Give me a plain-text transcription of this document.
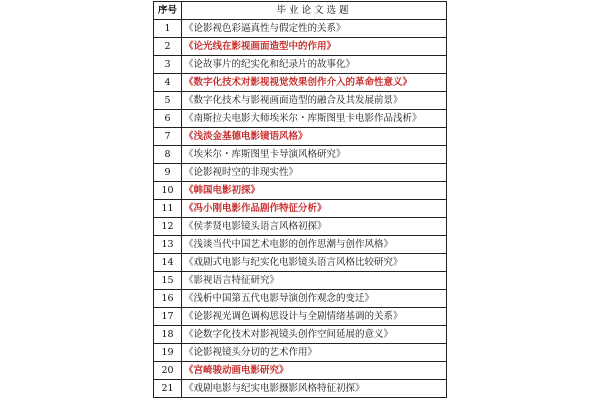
序号	毕业论文选题
1	《论影视色彩逼真性与假定性的关系》
2	《论光线在影视画面造型中的作用》
3	《论故事片的纪实化和纪录片的故事化》
4	《数字化技术对影视视觉效果创作介入的革命性意义》
5	《数字化技术与影视画面造型的融合及其发展前景》
6	《南斯拉夫电影大师埃米尔・库斯图里卡电影作品浅析》
7	《浅淡金基德电影镜语风格》
8	《埃米尔・库斯图里卡导演风格研究》
9	《论影视时空的非现实性》
10	《韩国电影初探》
11	《冯小刚电影作品剧作特征分析》
12	《侯孝贤电影镜头语言风格初探》
13	《浅谈当代中国艺术电影的创作思潮与创作风格》
14	《戏剧式电影与纪实化电影镜头语言风格比较研究》
15	《影视语言特征研究》
16	《浅析中国第五代电影导演创作观念的变迁》
17	《论影视光调色调构思设计与全剧情绪基调的关系》
18	《论数字化技术对影视镜头创作空间延展的意义》
19	《论影视镜头分切的艺术作用》
20	《宫崎骏动画电影研究》
21	《戏剧电影与纪实电影摄影风格特征初探》
